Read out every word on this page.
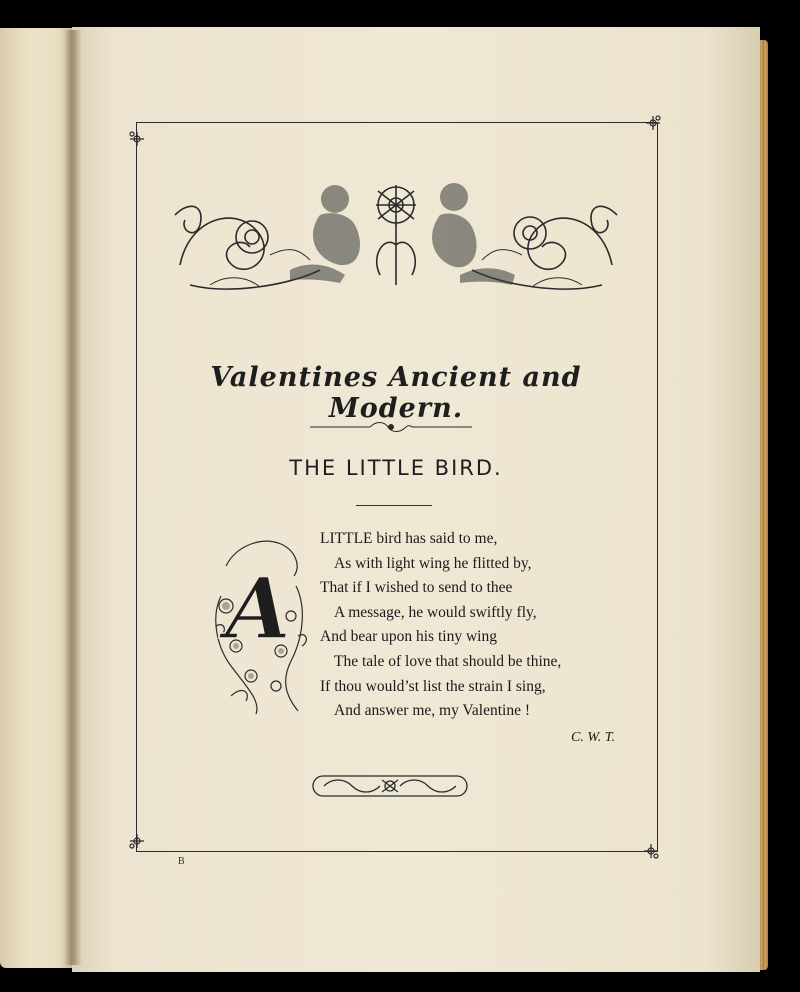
Valentines Ancient and Modern.
THE LITTLE BIRD.
A
LITTLE bird has said to me,
As with light wing he flitted by,
That if I wished to send to thee
A message, he would swiftly fly,
And bear upon his tiny wing
The tale of love that should be thine,
If thou would’st list the strain I sing,
And answer me, my Valentine !
C. W. T.
B
